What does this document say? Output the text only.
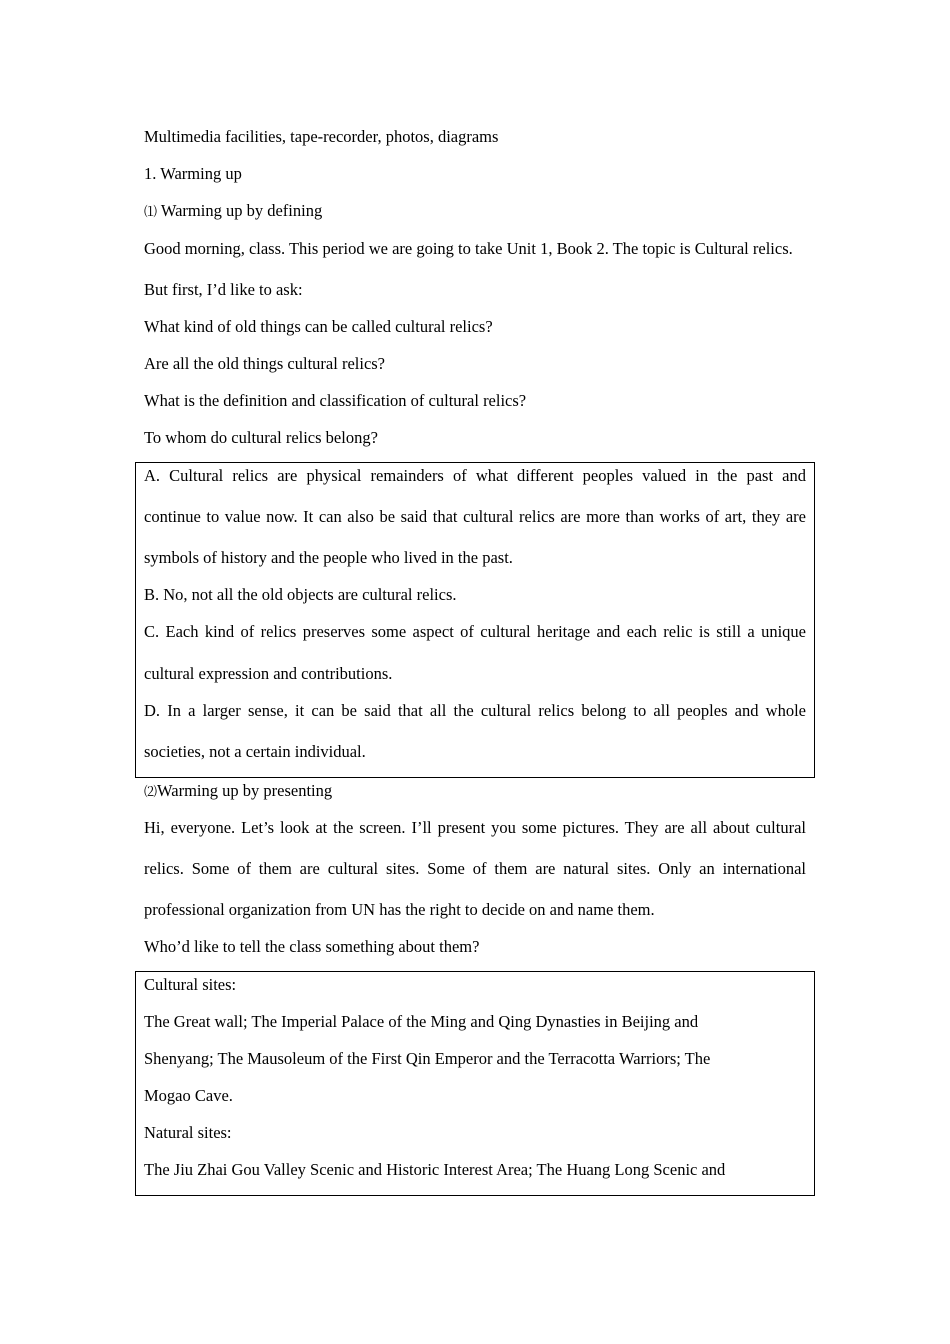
Multimedia facilities, tape-recorder, photos, diagrams
1. Warming up
⑴ Warming up by defining
Good morning, class. This period we are going to take Unit 1, Book 2. The topic is Cultural relics.
But first, I’d like to ask:
What kind of old things can be called cultural relics?
Are all the old things cultural relics?
What is the definition and classification of cultural relics?
To whom do cultural relics belong?
A. Cultural relics are physical remainders of what different peoples valued in the past and
continue to value now. It can also be said that cultural relics are more than works of art, they are
symbols of history and the people who lived in the past.
B. No, not all the old objects are cultural relics.
C. Each kind of relics preserves some aspect of cultural heritage and each relic is still a unique
cultural expression and contributions.
D. In a larger sense, it can be said that all the cultural relics belong to all peoples and whole
societies, not a certain individual.
⑵Warming up by presenting
Hi, everyone. Let’s look at the screen. I’ll present you some pictures. They are all about cultural
relics. Some of them are cultural sites. Some of them are natural sites. Only an international
professional organization from UN has the right to decide on and name them.
Who’d like to tell the class something about them?
Cultural sites:
The Great wall; The Imperial Palace of the Ming and Qing Dynasties in Beijing and
Shenyang; The Mausoleum of the First Qin Emperor and the Terracotta Warriors; The
Mogao Cave.
Natural sites:
The Jiu Zhai Gou Valley Scenic and Historic Interest Area; The Huang Long Scenic and
